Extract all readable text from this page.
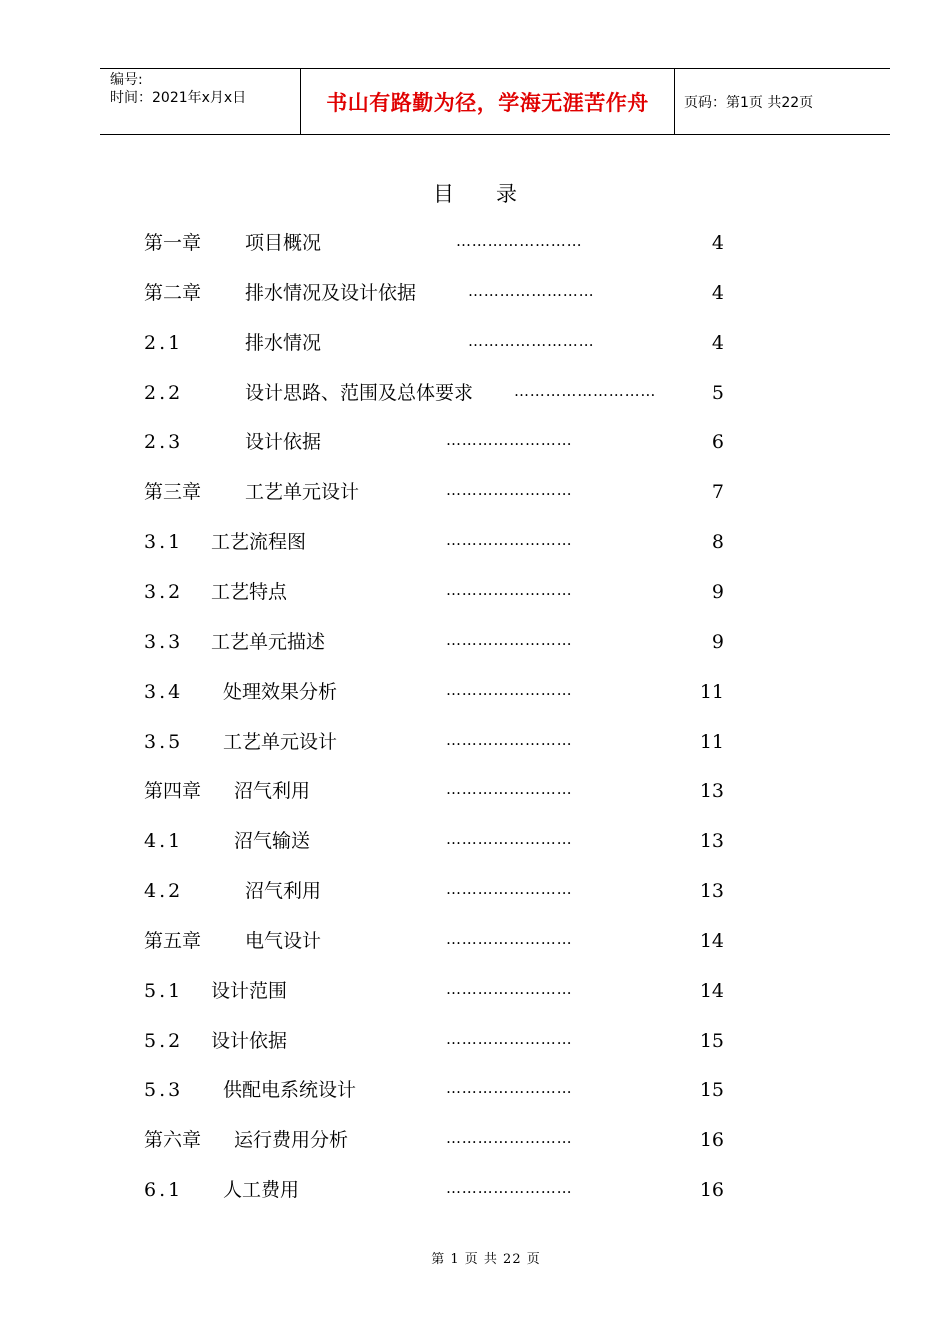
编号:
时间：2021年x月x日	书山有路勤为径，学海无涯苦作舟	页码：第1页 共22页
目 录
第一章 项目概况	……………………	4
第二章 排水情况及设计依据	……………………	4
2.1	排水情况	……………………	4
2.2	设计思路、范围及总体要求	………………………	5
2.3	设计依据	……………………	6
第三章 工艺单元设计	……………………	7
3.1 工艺流程图	……………………	8
3.2 工艺特点	……………………	9
3.3 工艺单元描述	……………………	9
3.4 处理效果分析	……………………	11
3.5 工艺单元设计	……………………	11
第四章 沼气利用	……………………	13
4.1	沼气输送	……………………	13
4.2	沼气利用	……………………	13
第五章 电气设计	……………………	14
5.1 设计范围	……………………	14
5.2 设计依据	……………………	15
5.3 供配电系统设计	……………………	15
第六章 运行费用分析	……………………	16
6.1 人工费用	……………………	16
第 1 页 共 22 页
